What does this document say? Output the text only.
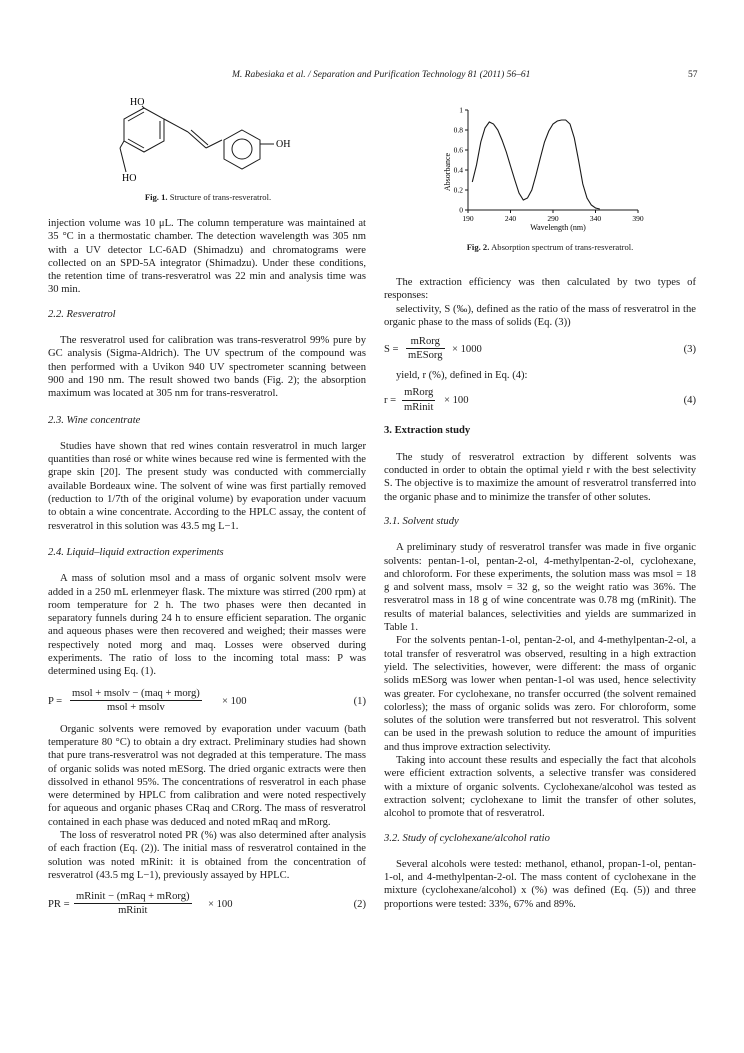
M. Rabesiaka et al. / Separation and Purification Technology 81 (2011) 56–61	57
HO
HO
OH
Fig. 1. Structure of trans-resveratrol.
190	240	290	340	390
0
0.2
0.4
0.6
0.8
1
Absorbance
Wavelength (nm)
Fig. 2. Absorption spectrum of trans-resveratrol.

injection volume was 10 μL. The column temperature was maintained at 35 °C in a thermostatic chamber. The detection wavelength was 305 nm with a UV detector LC-6AD (Shimadzu) and chromatograms were collected on an SPD-5A integrator (Shimadzu). Under these conditions, the retention time of trans-resveratrol was 22 min and analysis time was 30 min.

2.2. Resveratrol

The resveratrol used for calibration was trans-resveratrol 99% pure by GC analysis (Sigma-Aldrich). The UV spectrum of the compound was then performed with a Uvikon 940 UV spectrometer scanning between 900 and 190 nm. The result showed two bands (Fig. 2); the absorption maximum was located at 305 nm for trans-resveratrol.

2.3. Wine concentrate

Studies have shown that red wines contain resveratrol in much larger quantities than rosé or white wines because red wine is fermented with the grape skin [20]. The present study was conducted with commercially available Bordeaux wine. The solvent of wine was first partially removed (reduction to 1/7th of the original volume) by evaporation under vacuum to obtain a wine concentrate. According to the HPLC assay, the content of resveratrol in this solution was 43.5 mg L−1.

2.4. Liquid–liquid extraction experiments

A mass of solution msol and a mass of organic solvent msolv were added in a 250 mL erlenmeyer flask. The mixture was stirred (200 rpm) at room temperature for 2 h. The two phases were then decanted in separatory funnels during 24 h to ensure efficient separation. The organic and aqueous phases were then recovered and weighed; their masses were respectively noted morg and maq. Losses were observed during experiments. The ratio of loss to the incoming total mass: P was determined using Eq. (1).

P =
msol + msolv − (maq + morg)
msol + msolv
× 100	(1)

Organic solvents were removed by evaporation under vacuum (bath temperature 80 °C) to obtain a dry extract. Preliminary studies had shown that pure trans-resveratrol was not degraded at this temperature. The mass of organic solids was noted mESorg. The dried organic extracts were then dissolved in ethanol 95%. The concentrations of resveratrol in each phase were determined by HPLC from calibration and were noted respectively for aqueous and organic phases CRaq and CRorg. The mass of resveratrol contained in each phase was deduced and noted mRaq and mRorg.

The loss of resveratrol noted PR (%) was also determined after analysis of each fraction (Eq. (2)). The initial mass of resveratrol contained in the solution was noted mRinit: it is obtained from the concentration of resveratrol (43.5 mg L−1), previously assayed by HPLC.

PR =
mRinit − (mRaq + mRorg)
mRinit
× 100	(2)

The extraction efficiency was then calculated by two types of responses:

selectivity, S (‰), defined as the ratio of the mass of resveratrol in the organic phase to the mass of solids (Eq. (3))

S =
mRorg
mESorg
× 1000	(3)

yield, r (%), defined in Eq. (4):

r =
mRorg
mRinit
× 100	(4)
3. Extraction study

The study of resveratrol extraction by different solvents was conducted in order to obtain the optimal yield r with the best selectivity S. The objective is to maximize the amount of resveratrol transferred into the organic phase and to minimize the transfer of other solutes.

3.1. Solvent study

A preliminary study of resveratrol transfer was made in five organic solvents: pentan-1-ol, pentan-2-ol, 4-methylpentan-2-ol, cyclohexane, and chloroform. For these experiments, the solution mass was msol = 18 g and solvent mass, msolv = 32 g, so the weight ratio was 36%. The resveratrol mass in 18 g of wine concentrate was 0.78 mg (mRinit). The results of material balances, selectivities and yields are summarized in Table 1.

For the solvents pentan-1-ol, pentan-2-ol, and 4-methylpentan-2-ol, a total transfer of resveratrol was observed, resulting in a high extraction yield. The selectivities, however, were different: the mass of organic solids mESorg was lower when pentan-1-ol was used, hence selectivity was greater. For cyclohexane, no transfer occurred (the solvent remained colorless); the mass of organic solids was zero. For chloroform, some solutes of the solution were transferred but not resveratrol. This solvent can be used in the prewash solution to reduce the amount of impurities and thus improve extraction selectivity.

Taking into account these results and especially the fact that alcohols were efficient extraction solvents, a selective transfer was considered with a mixture of organic solvents. Cyclohexane/alcohol was tested as extraction solvent; cyclohexane to limit the transfer of other solutes, alcohol to promote that of resveratrol.

3.2. Study of cyclohexane/alcohol ratio

Several alcohols were tested: methanol, ethanol, propan-1-ol, pentan-1-ol, and 4-methylpentan-2-ol. The mass content of cyclohexane in the mixture (cyclohexane/alcohol) x (%) was defined (Eq. (5)) and three proportions were tested: 33%, 67% and 89%.
